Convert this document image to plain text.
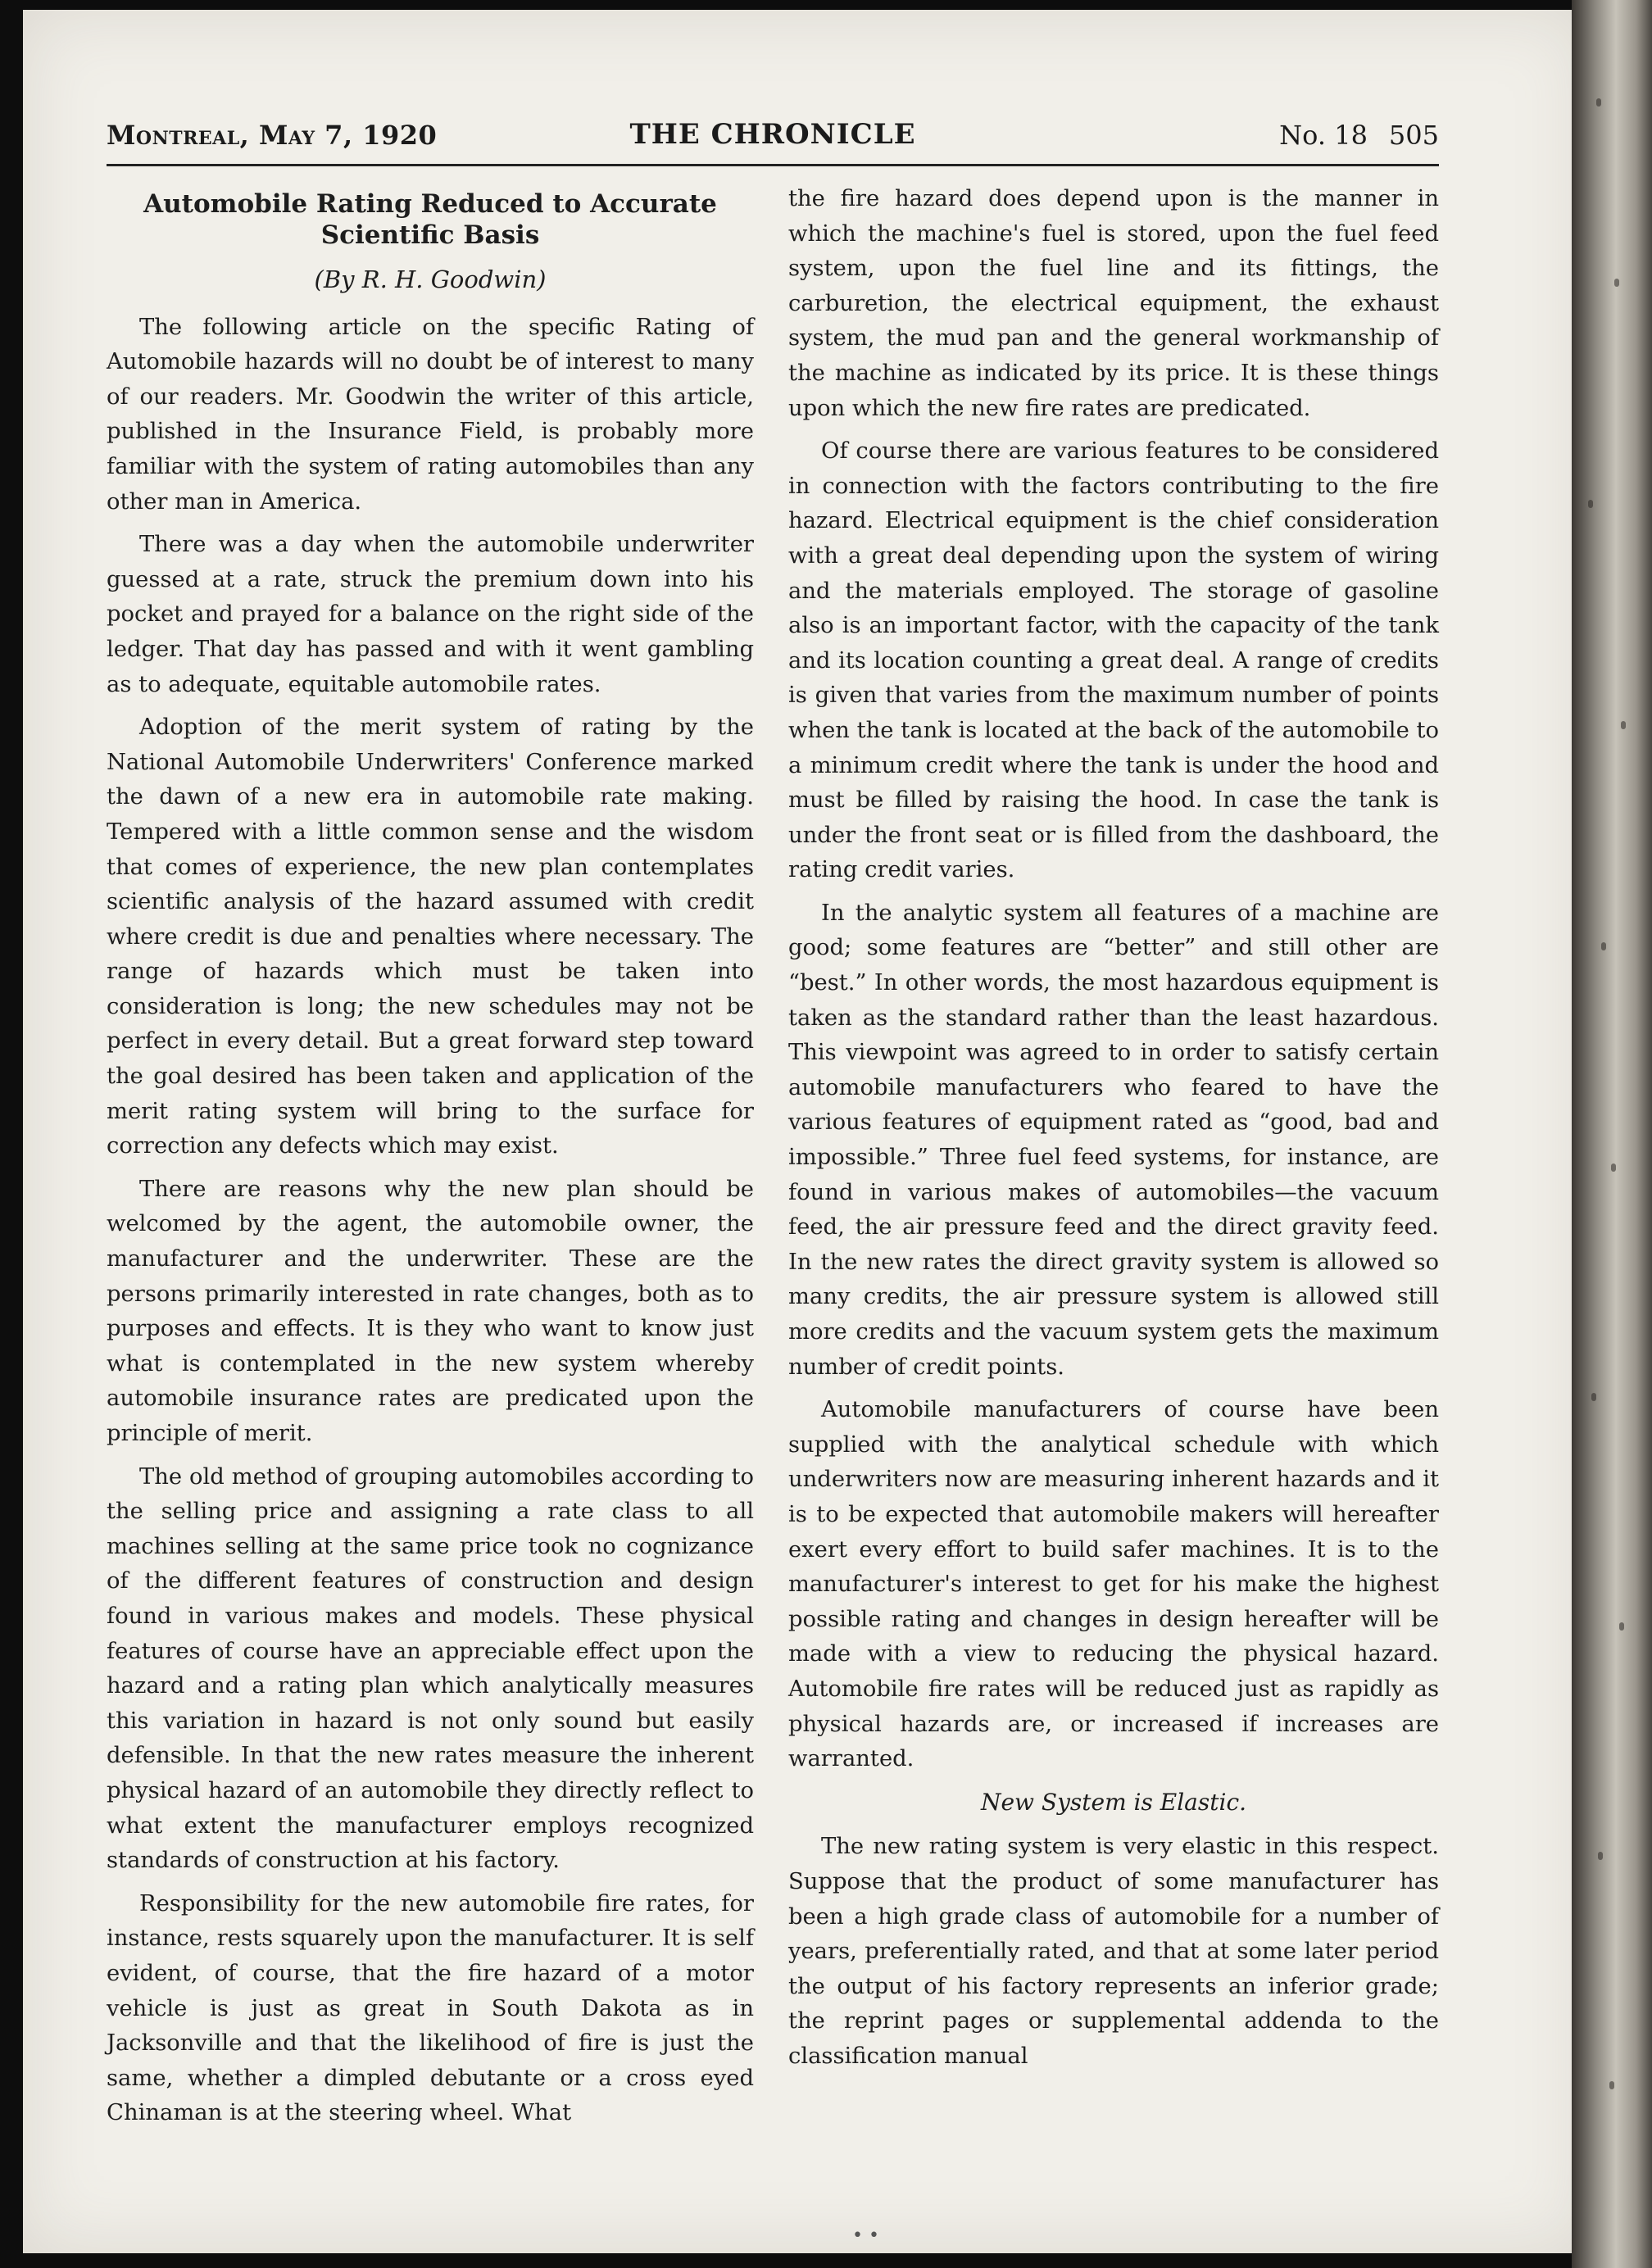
Montreal, May 7, 1920	THE CHRONICLE	No. 18 505
Automobile Rating Reduced to Accurate Scientific Basis
(By R. H. Goodwin)

The following article on the specific Rating of Automobile hazards will no doubt be of interest to many of our readers. Mr. Goodwin the writer of this article, published in the Insurance Field, is probably more familiar with the system of rating automobiles than any other man in America.

There was a day when the automobile underwriter guessed at a rate, struck the premium down into his pocket and prayed for a balance on the right side of the ledger. That day has passed and with it went gambling as to adequate, equitable automobile rates.

Adoption of the merit system of rating by the National Automobile Underwriters' Conference marked the dawn of a new era in automobile rate making. Tempered with a little common sense and the wisdom that comes of experience, the new plan contemplates scientific analysis of the hazard assumed with credit where credit is due and penalties where necessary. The range of hazards which must be taken into consideration is long; the new schedules may not be perfect in every detail. But a great forward step toward the goal desired has been taken and application of the merit rating system will bring to the surface for correction any defects which may exist.

There are reasons why the new plan should be welcomed by the agent, the automobile owner, the manufacturer and the underwriter. These are the persons primarily interested in rate changes, both as to purposes and effects. It is they who want to know just what is contemplated in the new system whereby automobile insurance rates are predicated upon the principle of merit.

The old method of grouping automobiles according to the selling price and assigning a rate class to all machines selling at the same price took no cognizance of the different features of construction and design found in various makes and models. These physical features of course have an appreciable effect upon the hazard and a rating plan which analytically measures this variation in hazard is not only sound but easily defensible. In that the new rates measure the inherent physical hazard of an automobile they directly reflect to what extent the manufacturer employs recognized standards of construction at his factory.

Responsibility for the new automobile fire rates, for instance, rests squarely upon the manufacturer. It is self evident, of course, that the fire hazard of a motor vehicle is just as great in South Dakota as in Jacksonville and that the likelihood of fire is just the same, whether a dimpled debutante or a cross eyed Chinaman is at the steering wheel. What

the fire hazard does depend upon is the manner in which the machine's fuel is stored, upon the fuel feed system, upon the fuel line and its fittings, the carburetion, the electrical equipment, the exhaust system, the mud pan and the general workmanship of the machine as indicated by its price. It is these things upon which the new fire rates are predicated.

Of course there are various features to be considered in connection with the factors contributing to the fire hazard. Electrical equipment is the chief consideration with a great deal depending upon the system of wiring and the materials employed. The storage of gasoline also is an important factor, with the capacity of the tank and its location counting a great deal. A range of credits is given that varies from the maximum number of points when the tank is located at the back of the automobile to a minimum credit where the tank is under the hood and must be filled by raising the hood. In case the tank is under the front seat or is filled from the dashboard, the rating credit varies.

In the analytic system all features of a machine are good; some features are “better” and still other are “best.” In other words, the most hazardous equipment is taken as the standard rather than the least hazardous. This viewpoint was agreed to in order to satisfy certain automobile manufacturers who feared to have the various features of equipment rated as “good, bad and impossible.” Three fuel feed systems, for instance, are found in various makes of automobiles—the vacuum feed, the air pressure feed and the direct gravity feed. In the new rates the direct gravity system is allowed so many credits, the air pressure system is allowed still more credits and the vacuum system gets the maximum number of credit points.

Automobile manufacturers of course have been supplied with the analytical schedule with which underwriters now are measuring inherent hazards and it is to be expected that automobile makers will hereafter exert every effort to build safer machines. It is to the manufacturer's interest to get for his make the highest possible rating and changes in design hereafter will be made with a view to reducing the physical hazard. Automobile fire rates will be reduced just as rapidly as physical hazards are, or increased if increases are warranted.

New System is Elastic.

The new rating system is very elastic in this respect. Suppose that the product of some manufacturer has been a high grade class of automobile for a number of years, preferentially rated, and that at some later period the output of his factory represents an inferior grade; the reprint pages or supplemental addenda to the classification manual

• •
